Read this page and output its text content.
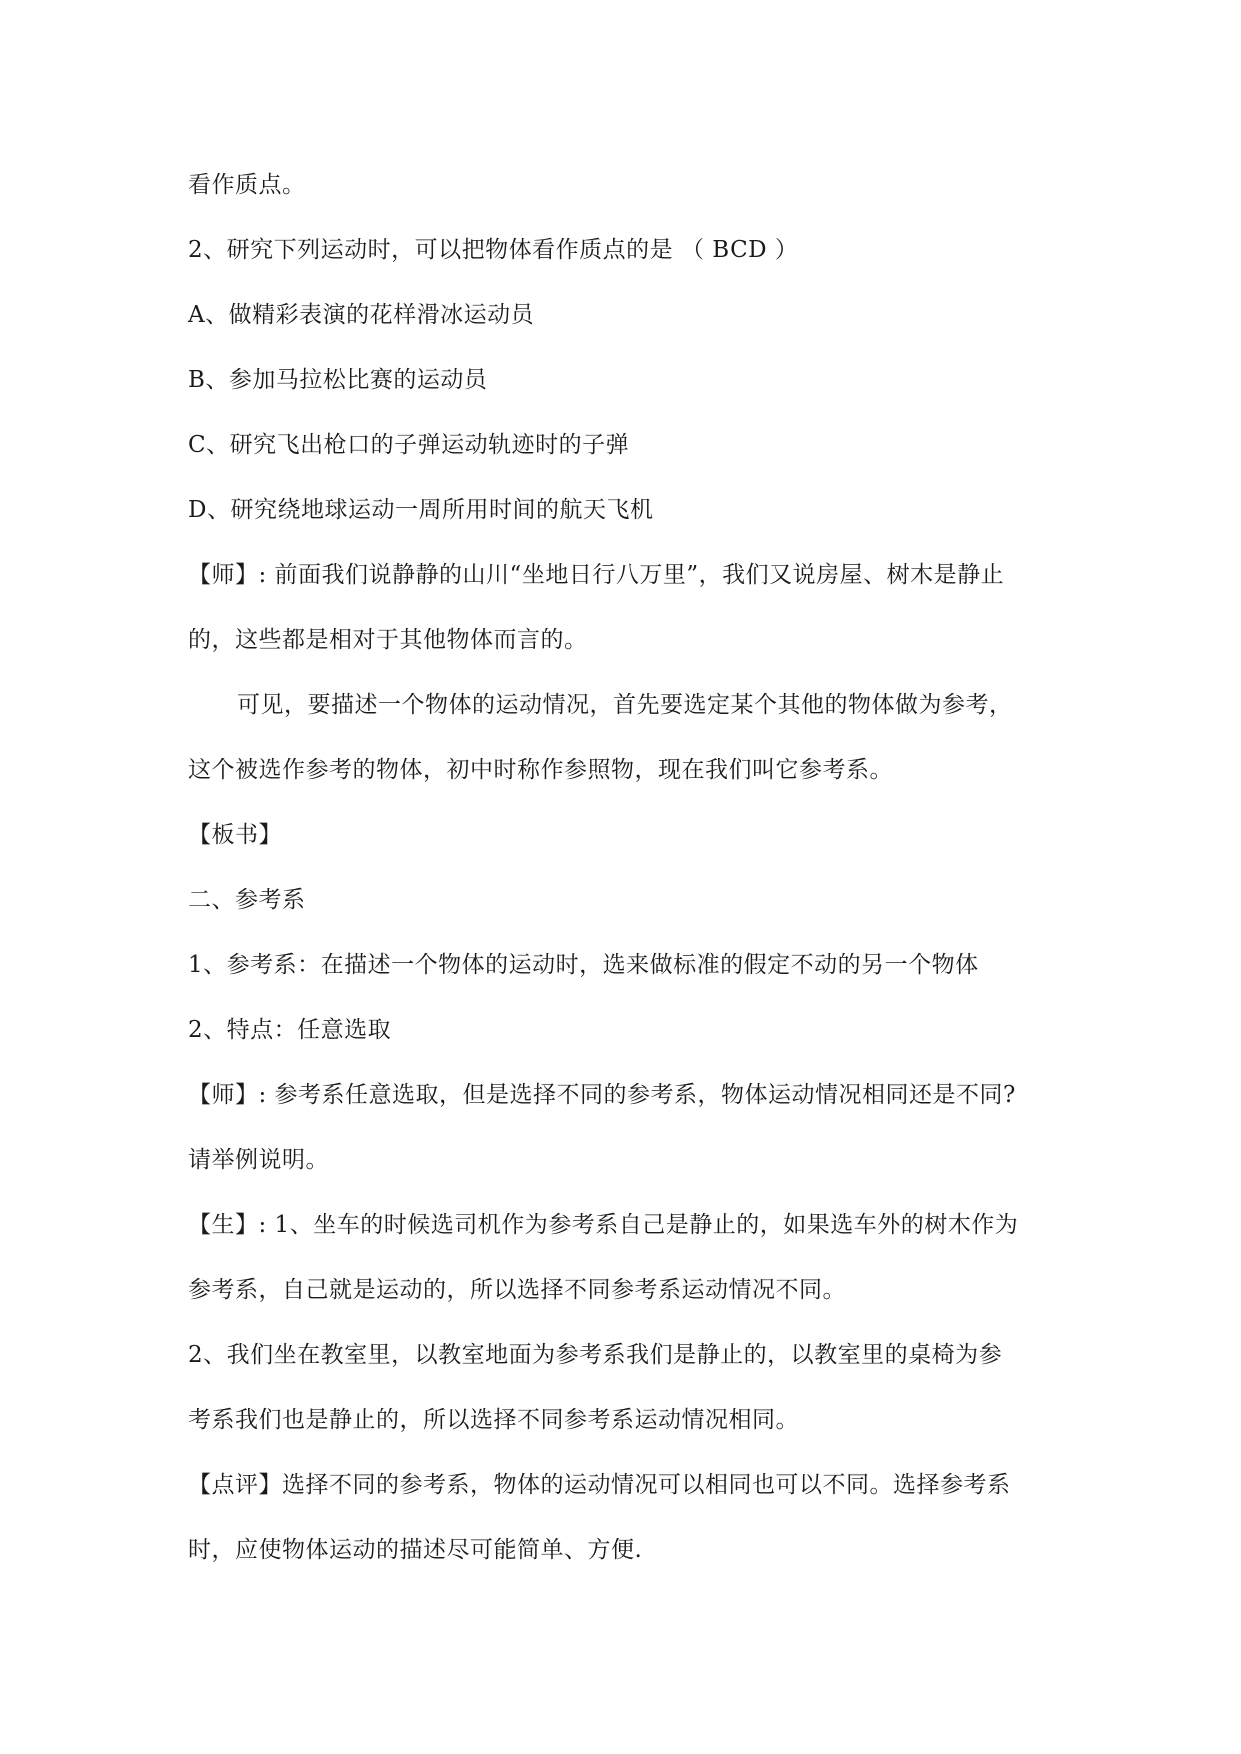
看作质点。
2、研究下列运动时，可以把物体看作质点的是 （ BCD ）
A、做精彩表演的花样滑冰运动员
B、参加马拉松比赛的运动员
C、研究飞出枪口的子弹运动轨迹时的子弹
D、研究绕地球运动一周所用时间的航天飞机
【师】: 前面我们说静静的山川“坐地日行八万里”，我们又说房屋、树木是静止
的，这些都是相对于其他物体而言的。
可见，要描述一个物体的运动情况，首先要选定某个其他的物体做为参考，
这个被选作参考的物体，初中时称作参照物，现在我们叫它参考系。
【板书】
二、参考系
1、参考系：在描述一个物体的运动时，选来做标准的假定不动的另一个物体
2、特点：任意选取
【师】: 参考系任意选取，但是选择不同的参考系，物体运动情况相同还是不同?
请举例说明。
【生】: 1、坐车的时候选司机作为参考系自己是静止的，如果选车外的树木作为
参考系，自己就是运动的，所以选择不同参考系运动情况不同。
2、我们坐在教室里，以教室地面为参考系我们是静止的，以教室里的桌椅为参
考系我们也是静止的，所以选择不同参考系运动情况相同。
【点评】选择不同的参考系，物体的运动情况可以相同也可以不同。选择参考系
时，应使物体运动的描述尽可能简单、方便.
